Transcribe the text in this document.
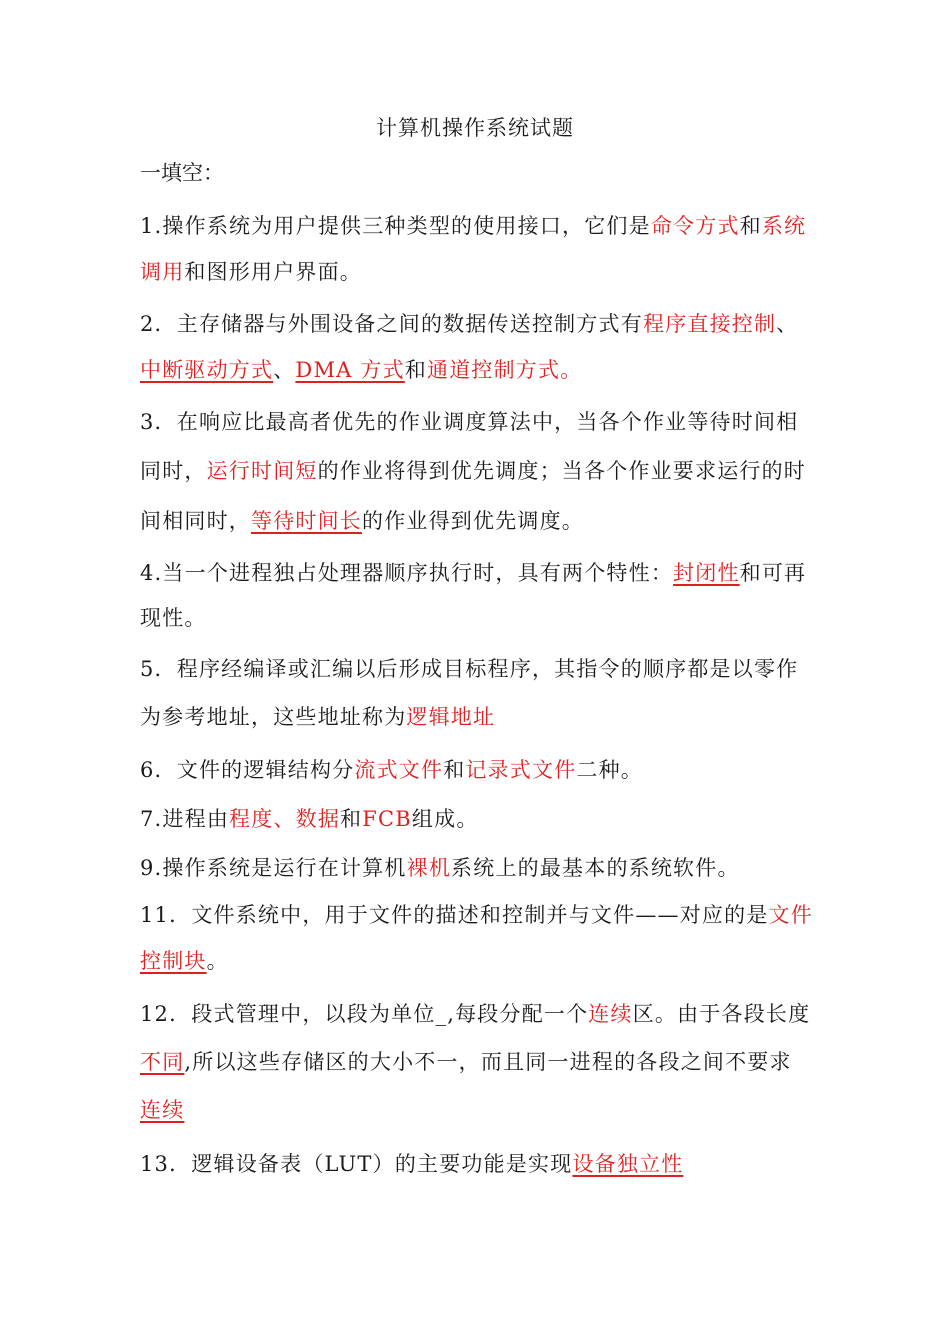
计算机操作系统试题
一填空：
1.操作系统为用户提供三种类型的使用接口，它们是命令方式和系统
调用和图形用户界面。
2．主存储器与外围设备之间的数据传送控制方式有程序直接控制、
中断驱动方式、DMA 方式和通道控制方式。
3．在响应比最高者优先的作业调度算法中，当各个作业等待时间相
同时，运行时间短的作业将得到优先调度；当各个作业要求运行的时
间相同时，等待时间长的作业得到优先调度。
4.当一个进程独占处理器顺序执行时，具有两个特性：封闭性和可再
现性。
5．程序经编译或汇编以后形成目标程序，其指令的顺序都是以零作
为参考地址，这些地址称为逻辑地址
6．文件的逻辑结构分流式文件和记录式文件二种。
7.进程由程度、数据和FCB组成。
9.操作系统是运行在计算机裸机系统上的最基本的系统软件。
11．文件系统中，用于文件的描述和控制并与文件——对应的是文件
控制块。
12．段式管理中，以段为单位_,每段分配一个连续区。由于各段长度
不同,所以这些存储区的大小不一，而且同一进程的各段之间不要求
连续
13．逻辑设备表（LUT）的主要功能是实现设备独立性
